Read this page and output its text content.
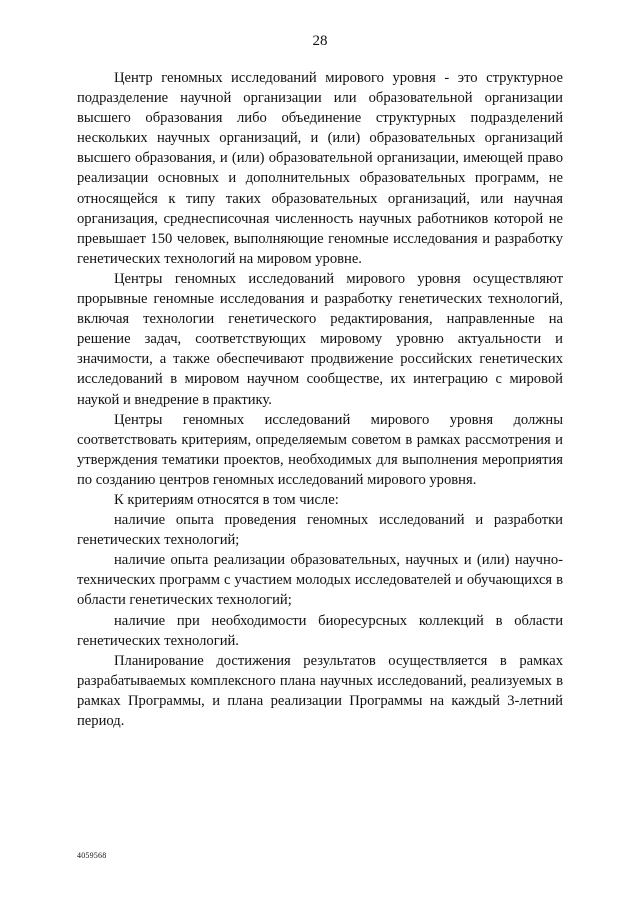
28

Центр геномных исследований мирового уровня - это структурное подразделение научной организации или образовательной организации высшего образования либо объединение структурных подразделений нескольких научных организаций, и (или) образовательных организаций высшего образования, и (или) образовательной организации, имеющей право реализации основных и дополнительных образовательных программ, не относящейся к типу таких образовательных организаций, или научная организация, среднесписочная численность научных работников которой не превышает 150 человек, выполняющие геномные исследования и разработку генетических технологий на мировом уровне.

Центры геномных исследований мирового уровня осуществляют прорывные геномные исследования и разработку генетических технологий, включая технологии генетического редактирования, направленные на решение задач, соответствующих мировому уровню актуальности и значимости, а также обеспечивают продвижение российских генетических исследований в мировом научном сообществе, их интеграцию с мировой наукой и внедрение в практику.

Центры геномных исследований мирового уровня должны соответствовать критериям, определяемым советом в рамках рассмотрения и утверждения тематики проектов, необходимых для выполнения мероприятия по созданию центров геномных исследований мирового уровня.

К критериям относятся в том числе:

наличие опыта проведения геномных исследований и разработки генетических технологий;

наличие опыта реализации образовательных, научных и (или) научно-технических программ с участием молодых исследователей и обучающихся в области генетических технологий;

наличие при необходимости биоресурсных коллекций в области генетических технологий.

Планирование достижения результатов осуществляется в рамках разрабатываемых комплексного плана научных исследований, реализуемых в рамках Программы, и плана реализации Программы на каждый 3-летний период.

4059568
